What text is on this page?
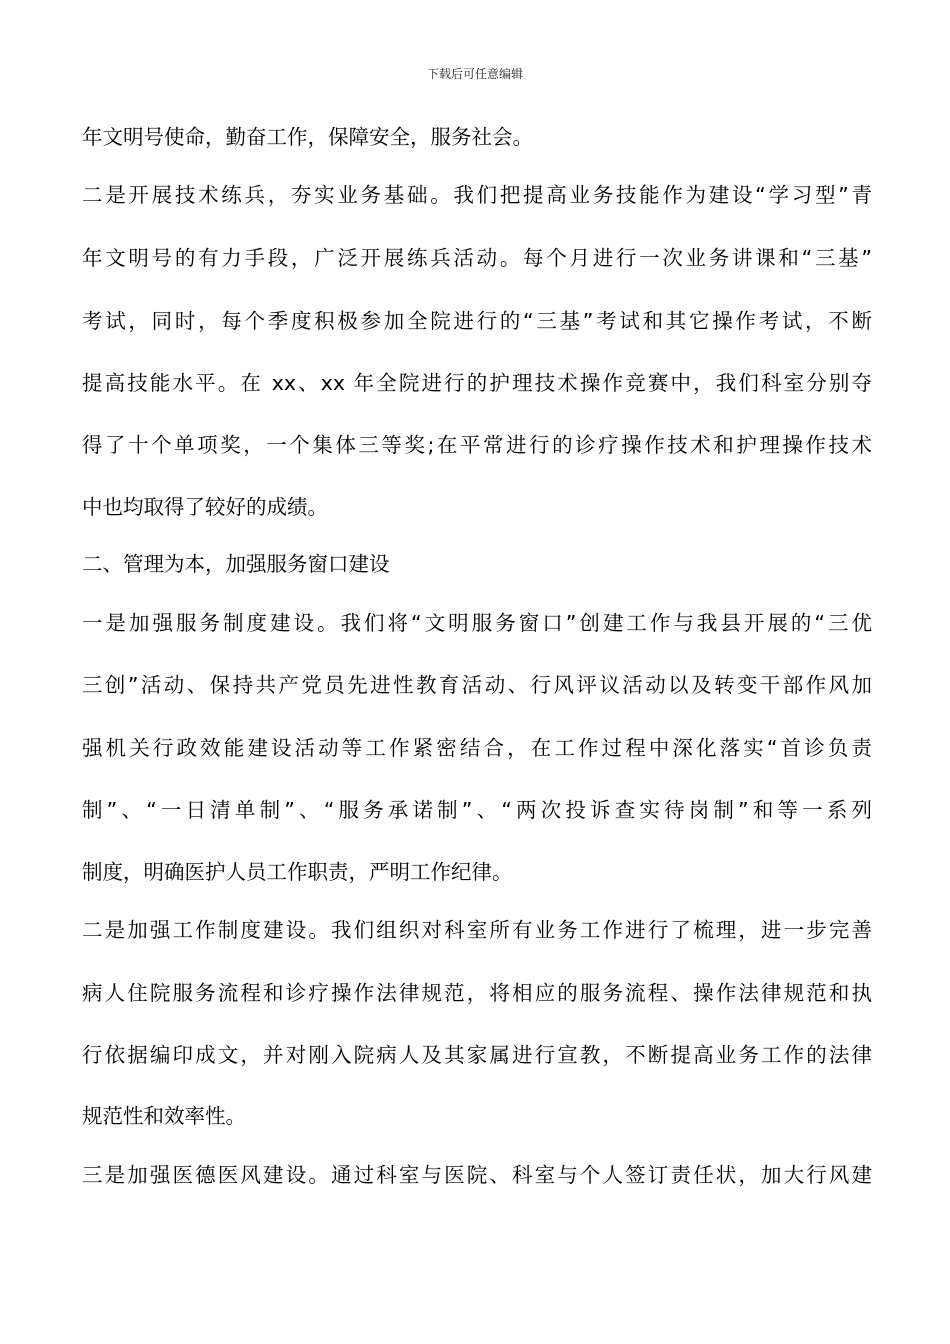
下载后可任意编辑
年文明号使命，勤奋工作，保障安全，服务社会。
二是开展技术练兵，夯实业务基础。我们把提高业务技能作为建设“学习型”青
年文明号的有力手段，广泛开展练兵活动。每个月进行一次业务讲课和“三基”
考试，同时，每个季度积极参加全院进行的“三基”考试和其它操作考试，不断
提高技能水平。在 xx、xx 年全院进行的护理技术操作竞赛中，我们科室分别夺
得了十个单项奖，一个集体三等奖;在平常进行的诊疗操作技术和护理操作技术
中也均取得了较好的成绩。
二、管理为本，加强服务窗口建设
一是加强服务制度建设。我们将“文明服务窗口”创建工作与我县开展的“三优
三创”活动、保持共产党员先进性教育活动、行风评议活动以及转变干部作风加
强机关行政效能建设活动等工作紧密结合，在工作过程中深化落实“首诊负责
制”、“一日清单制”、“服务承诺制”、“两次投诉查实待岗制”和等一系列
制度，明确医护人员工作职责，严明工作纪律。
二是加强工作制度建设。我们组织对科室所有业务工作进行了梳理，进一步完善
病人住院服务流程和诊疗操作法律规范，将相应的服务流程、操作法律规范和执
行依据编印成文，并对刚入院病人及其家属进行宣教，不断提高业务工作的法律
规范性和效率性。
三是加强医德医风建设。通过科室与医院、科室与个人签订责任状，加大行风建
